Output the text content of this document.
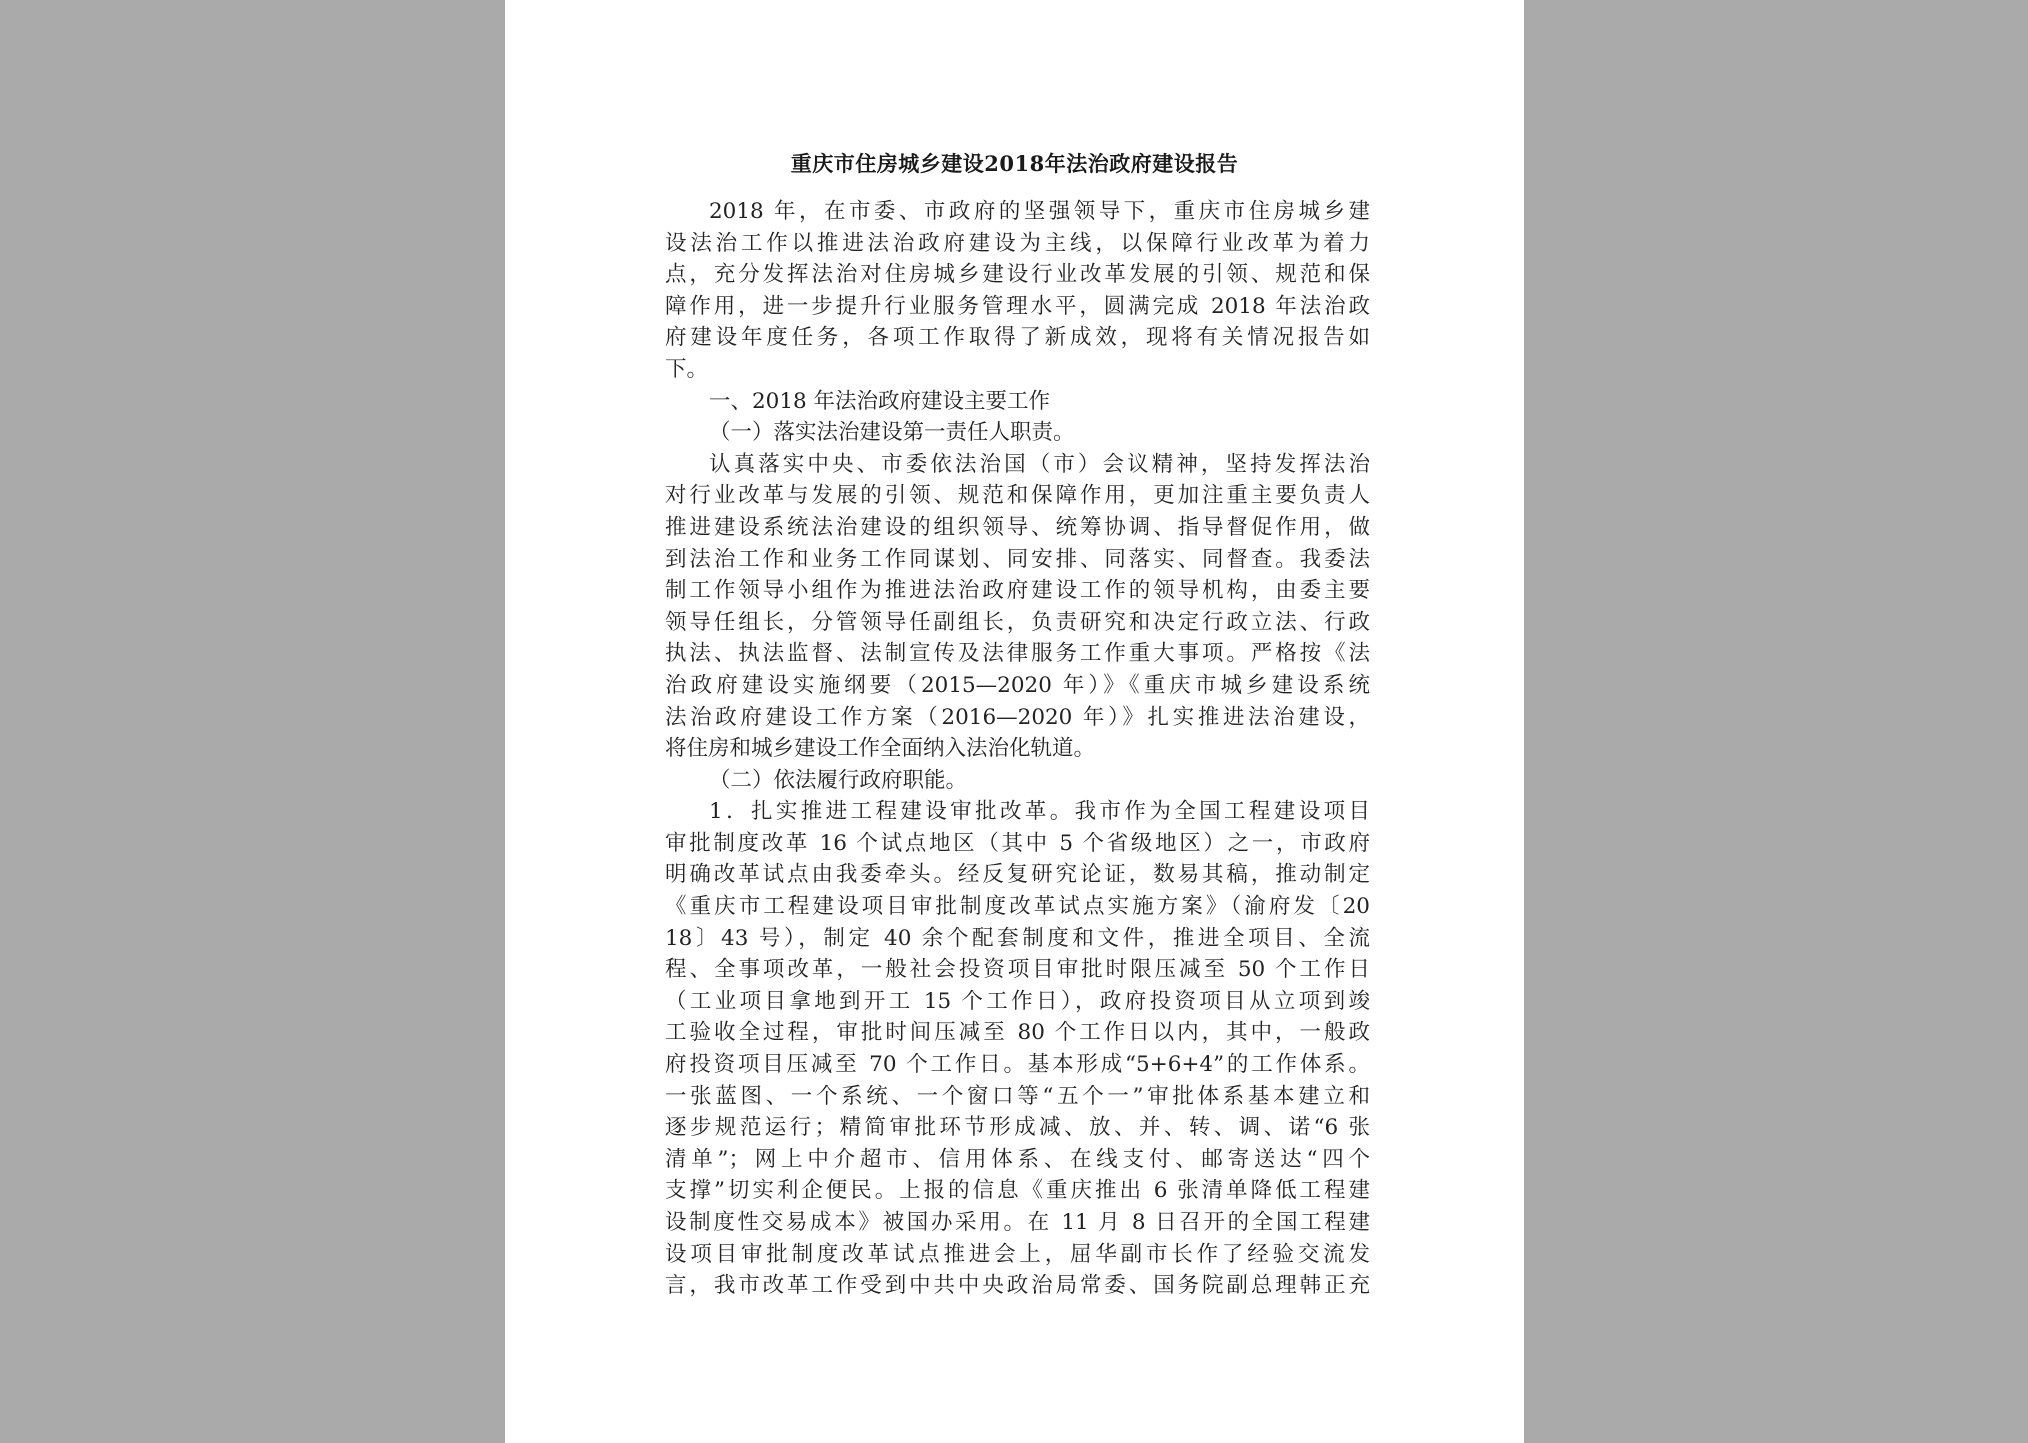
重庆市住房城乡建设2018年法治政府建设报告
2018 年，在市委、市政府的坚强领导下，重庆市住房城乡建
设法治工作以推进法治政府建设为主线，以保障行业改革为着力
点，充分发挥法治对住房城乡建设行业改革发展的引领、规范和保
障作用，进一步提升行业服务管理水平，圆满完成 2018 年法治政
府建设年度任务，各项工作取得了新成效，现将有关情况报告如
下。
一、2018 年法治政府建设主要工作
（一）落实法治建设第一责任人职责。
认真落实中央、市委依法治国（市）会议精神，坚持发挥法治
对行业改革与发展的引领、规范和保障作用，更加注重主要负责人
推进建设系统法治建设的组织领导、统筹协调、指导督促作用，做
到法治工作和业务工作同谋划、同安排、同落实、同督查。我委法
制工作领导小组作为推进法治政府建设工作的领导机构，由委主要
领导任组长，分管领导任副组长，负责研究和决定行政立法、行政
执法、执法监督、法制宣传及法律服务工作重大事项。严格按《法
治政府建设实施纲要（2015—2020 年）》《重庆市城乡建设系统
法治政府建设工作方案（2016—2020 年）》扎实推进法治建设，
将住房和城乡建设工作全面纳入法治化轨道。
（二）依法履行政府职能。
1．扎实推进工程建设审批改革。我市作为全国工程建设项目
审批制度改革 16 个试点地区（其中 5 个省级地区）之一，市政府
明确改革试点由我委牵头。经反复研究论证，数易其稿，推动制定
《重庆市工程建设项目审批制度改革试点实施方案》（渝府发〔20
18〕43 号），制定 40 余个配套制度和文件，推进全项目、全流
程、全事项改革，一般社会投资项目审批时限压减至 50 个工作日
（工业项目拿地到开工 15 个工作日），政府投资项目从立项到竣
工验收全过程，审批时间压减至 80 个工作日以内，其中，一般政
府投资项目压减至 70 个工作日。基本形成“5+6+4”的工作体系。
一张蓝图、一个系统、一个窗口等“五个一”审批体系基本建立和
逐步规范运行；精简审批环节形成减、放、并、转、调、诺“6 张
清单”；网上中介超市、信用体系、在线支付、邮寄送达“四个
支撑”切实利企便民。上报的信息《重庆推出 6 张清单降低工程建
设制度性交易成本》被国办采用。在 11 月 8 日召开的全国工程建
设项目审批制度改革试点推进会上，屈华副市长作了经验交流发
言，我市改革工作受到中共中央政治局常委、国务院副总理韩正充
